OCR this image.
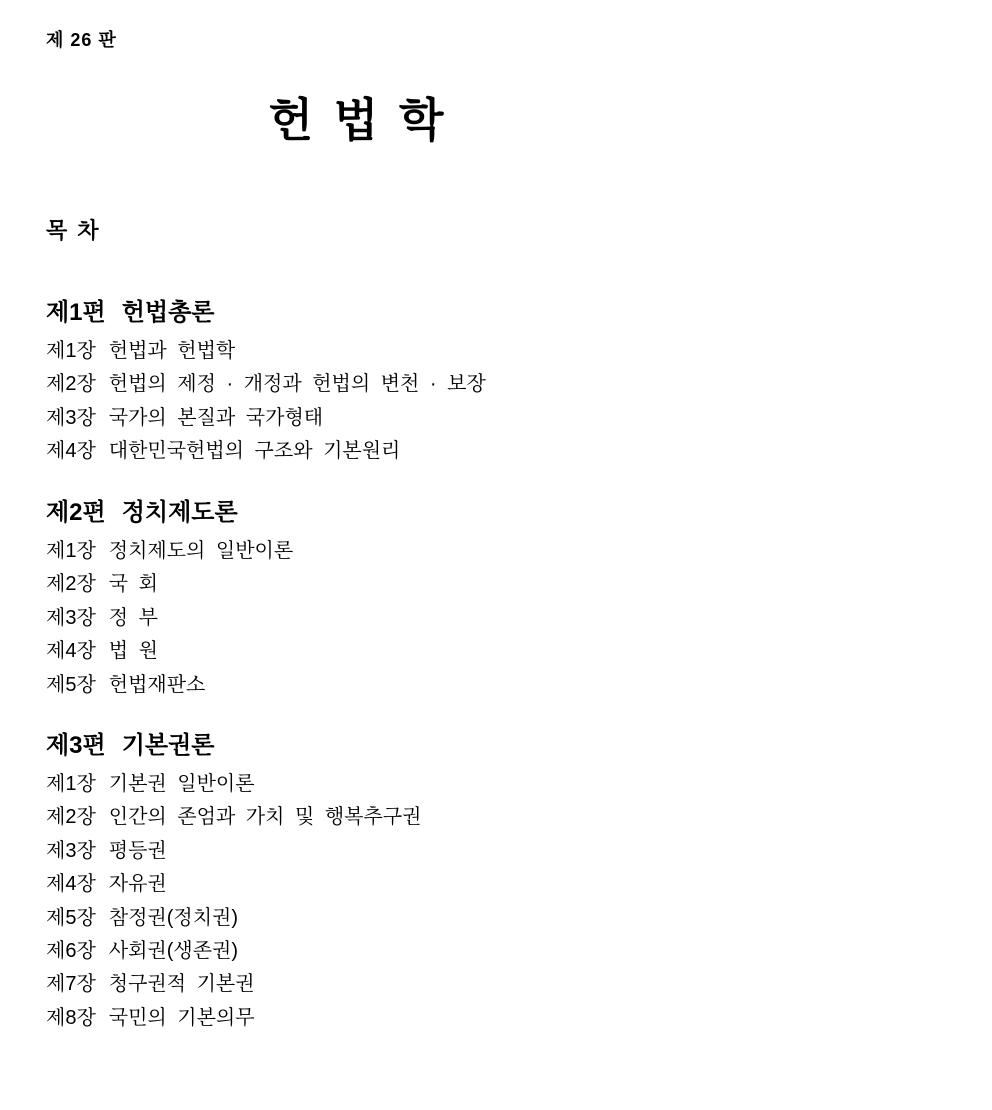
제 26 판
헌 법 학
목 차
제1편 헌법총론
제1장 헌법과 헌법학
제2장 헌법의 제정 · 개정과 헌법의 변천 · 보장
제3장 국가의 본질과 국가형태
제4장 대한민국헌법의 구조와 기본원리
제2편 정치제도론
제1장 정치제도의 일반이론
제2장 국 회
제3장 정 부
제4장 법 원
제5장 헌법재판소
제3편 기본권론
제1장 기본권 일반이론
제2장 인간의 존엄과 가치 및 행복추구권
제3장 평등권
제4장 자유권
제5장 참정권(정치권)
제6장 사회권(생존권)
제7장 청구권적 기본권
제8장 국민의 기본의무
